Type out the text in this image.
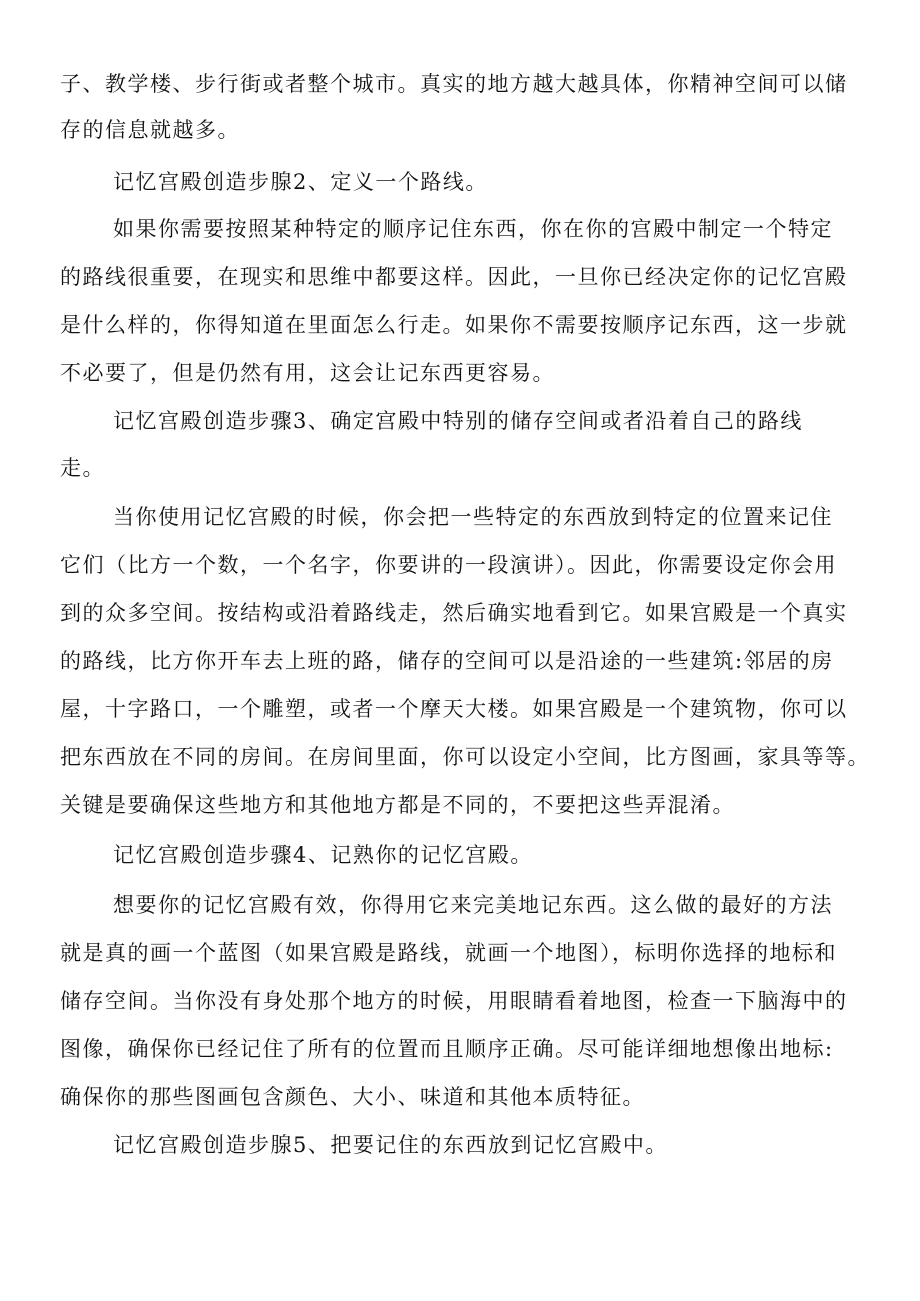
子、教学楼、步行街或者整个城市。真实的地方越大越具体，你精神空间可以储

存的信息就越多。

记忆宫殿创造步腺2、定义一个路线。

如果你需要按照某种特定的顺序记住东西，你在你的宫殿中制定一个特定

的路线很重要，在现实和思维中都要这样。因此，一旦你已经决定你的记忆宫殿

是什么样的，你得知道在里面怎么行走。如果你不需要按顺序记东西，这一步就

不必要了，但是仍然有用，这会让记东西更容易。

记忆宫殿创造步骤3、确定宫殿中特别的储存空间或者沿着自己的路线

走。

当你使用记忆宫殿的时候，你会把一些特定的东西放到特定的位置来记住

它们（比方一个数，一个名字，你要讲的一段演讲）。因此，你需要设定你会用

到的众多空间。按结构或沿着路线走，然后确实地看到它。如果宫殿是一个真实

的路线，比方你开车去上班的路，储存的空间可以是沿途的一些建筑:邻居的房

屋，十字路口，一个雕塑，或者一个摩天大楼。如果宫殿是一个建筑物，你可以

把东西放在不同的房间。在房间里面，你可以设定小空间，比方图画，家具等等。

关键是要确保这些地方和其他地方都是不同的，不要把这些弄混淆。

记忆宫殿创造步骤4、记熟你的记忆宫殿。

想要你的记忆宫殿有效，你得用它来完美地记东西。这么做的最好的方法

就是真的画一个蓝图（如果宫殿是路线，就画一个地图），标明你选择的地标和

储存空间。当你没有身处那个地方的时候，用眼睛看着地图，检查一下脑海中的

图像，确保你已经记住了所有的位置而且顺序正确。尽可能详细地想像出地标:

确保你的那些图画包含颜色、大小、味道和其他本质特征。

记忆宫殿创造步腺5、把要记住的东西放到记忆宫殿中。
